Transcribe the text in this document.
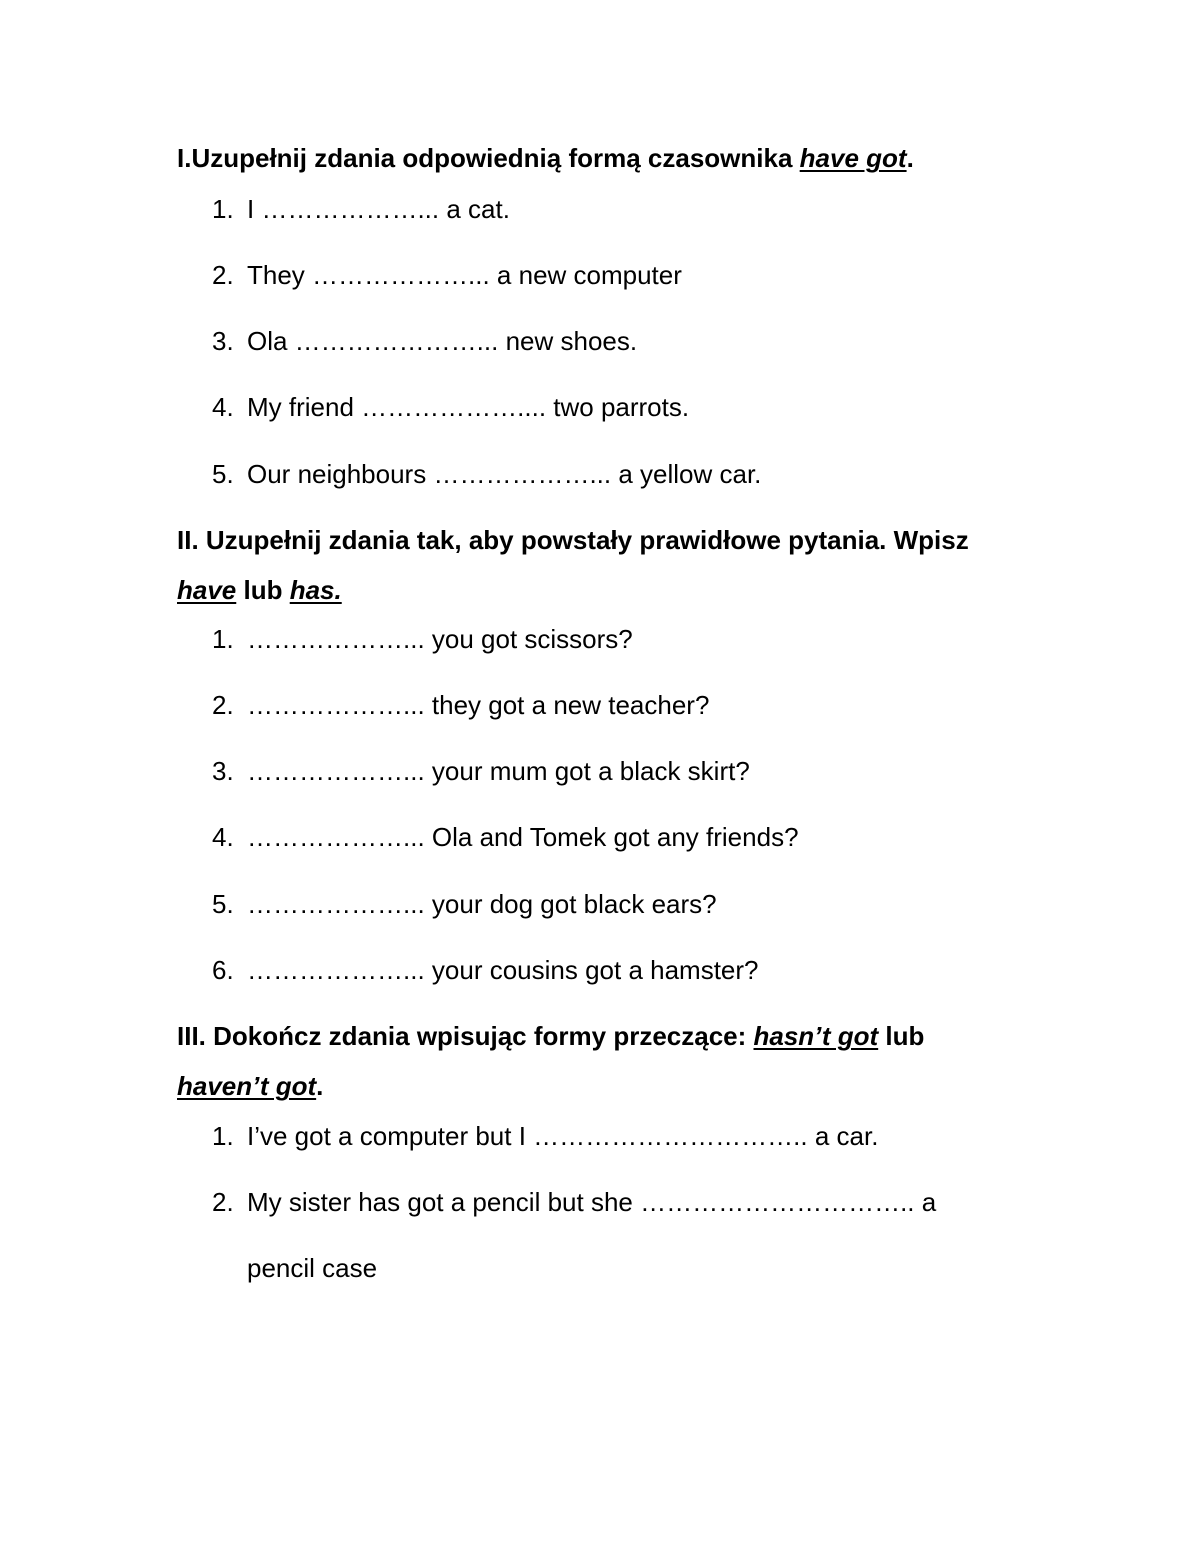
I.Uzupełnij zdania odpowiednią formą czasownika have got.
1. I ………………... a cat.
2. They ………………... a new computer
3. Ola …………………... new shoes.
4. My friend ……………….... two parrots.
5. Our neighbours ………………... a yellow car.
II. Uzupełnij zdania tak, aby powstały prawidłowe pytania. Wpisz
have lub has.
1. ………………... you got scissors?
2. ………………... they got a new teacher?
3. ………………... your mum got a black skirt?
4. ………………... Ola and Tomek got any friends?
5. ………………... your dog got black ears?
6. ………………... your cousins got a hamster?
III. Dokończ zdania wpisując formy przeczące: hasn’t got lub
haven’t got.
1. I’ve got a computer but I ………………………….. a car.
2. My sister has got a pencil but she ………………………….. a
pencil case
